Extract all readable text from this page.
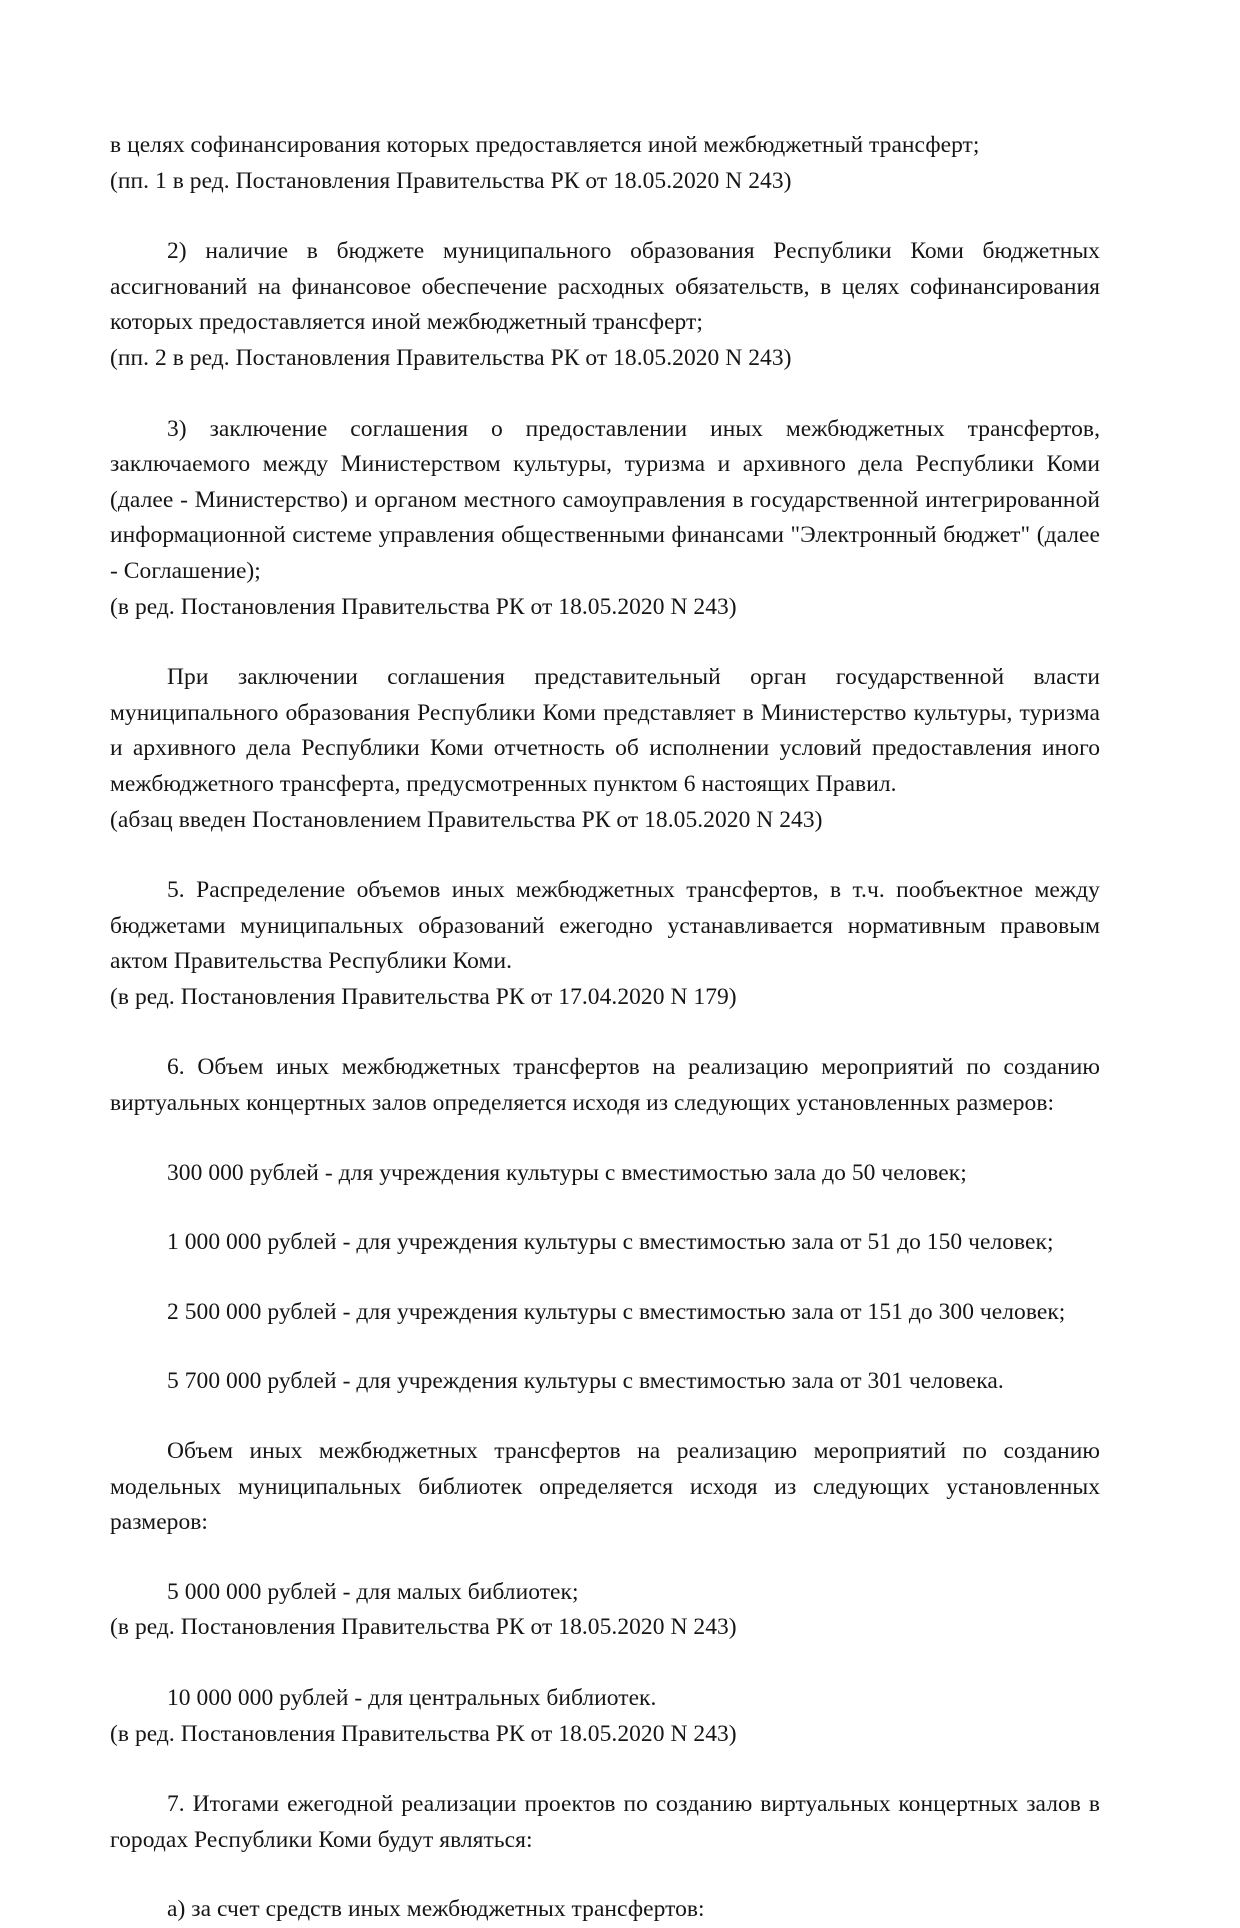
в целях софинансирования которых предоставляется иной межбюджетный трансферт;

(пп. 1 в ред. Постановления Правительства РК от 18.05.2020 N 243)

2) наличие в бюджете муниципального образования Республики Коми бюджетных ассигнований на финансовое обеспечение расходных обязательств, в целях софинансирования которых предоставляется иной межбюджетный трансферт;

(пп. 2 в ред. Постановления Правительства РК от 18.05.2020 N 243)

3) заключение соглашения о предоставлении иных межбюджетных трансфертов, заключаемого между Министерством культуры, туризма и архивного дела Республики Коми (далее - Министерство) и органом местного самоуправления в государственной интегрированной информационной системе управления общественными финансами "Электронный бюджет" (далее - Соглашение);

(в ред. Постановления Правительства РК от 18.05.2020 N 243)

При заключении соглашения представительный орган государственной власти муниципального образования Республики Коми представляет в Министерство культуры, туризма и архивного дела Республики Коми отчетность об исполнении условий предоставления иного межбюджетного трансферта, предусмотренных пунктом 6 настоящих Правил.

(абзац введен Постановлением Правительства РК от 18.05.2020 N 243)

5. Распределение объемов иных межбюджетных трансфертов, в т.ч. пообъектное между бюджетами муниципальных образований ежегодно устанавливается нормативным правовым актом Правительства Республики Коми.

(в ред. Постановления Правительства РК от 17.04.2020 N 179)

6. Объем иных межбюджетных трансфертов на реализацию мероприятий по созданию виртуальных концертных залов определяется исходя из следующих установленных размеров:

300 000 рублей - для учреждения культуры с вместимостью зала до 50 человек;

1 000 000 рублей - для учреждения культуры с вместимостью зала от 51 до 150 человек;

2 500 000 рублей - для учреждения культуры с вместимостью зала от 151 до 300 человек;

5 700 000 рублей - для учреждения культуры с вместимостью зала от 301 человека.

Объем иных межбюджетных трансфертов на реализацию мероприятий по созданию модельных муниципальных библиотек определяется исходя из следующих установленных размеров:

5 000 000 рублей - для малых библиотек;

(в ред. Постановления Правительства РК от 18.05.2020 N 243)

10 000 000 рублей - для центральных библиотек.

(в ред. Постановления Правительства РК от 18.05.2020 N 243)

7. Итогами ежегодной реализации проектов по созданию виртуальных концертных залов в городах Республики Коми будут являться:

а) за счет средств иных межбюджетных трансфертов:
